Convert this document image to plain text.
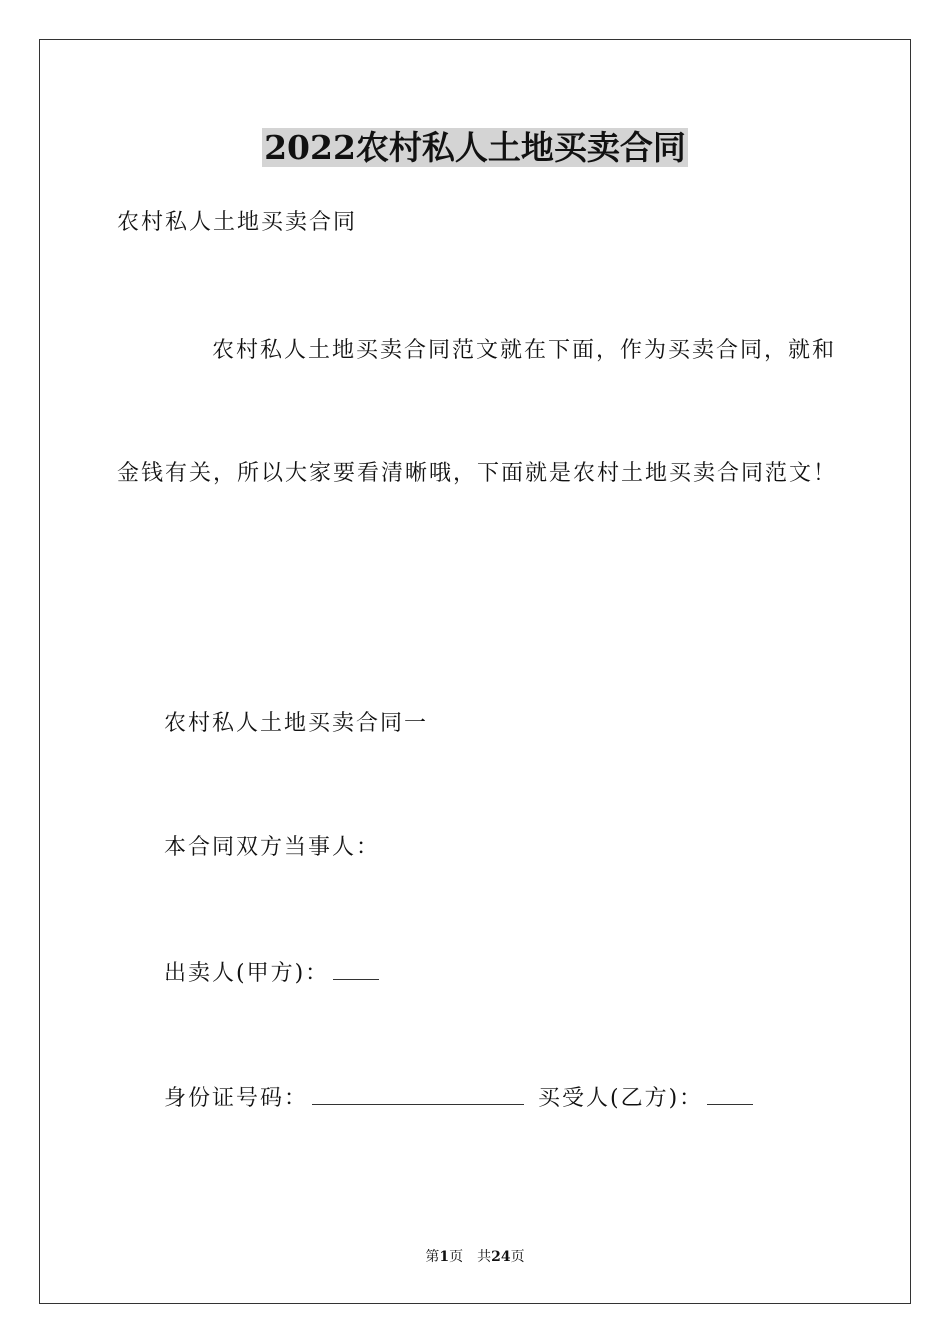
2022农村私人土地买卖合同
农村私人土地买卖合同
农村私人土地买卖合同范文就在下面，作为买卖合同，就和
金钱有关，所以大家要看清晰哦，下面就是农村土地买卖合同范文！
农村私人土地买卖合同一
本合同双方当事人：
出卖人(甲方)：
身份证号码：	买受人(乙方)：
第1页 共24页
